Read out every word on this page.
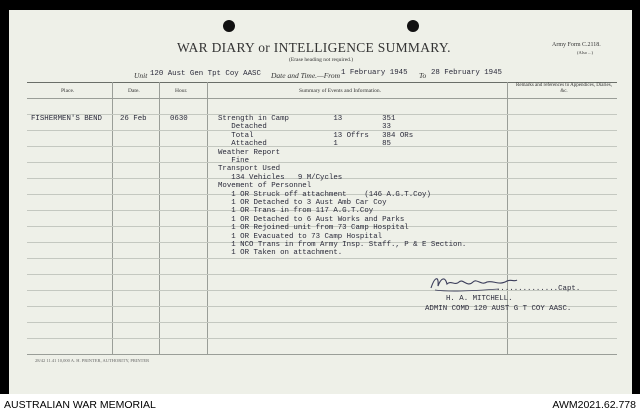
WAR DIARY or INTELLIGENCE SUMMARY.
(Erase heading not required.)
Army Form C.2118.
(Also ...)
Unit 120 Aust Gen Tpt Coy AASC Date and Time.—From 1 February 1945 To 28 February 1945
Place.	Date.	Hour.	Summary of Events and Information.
Remarks and references to Appendices, Diaries, &c.
FISHERMEN'S BEND 26 Feb	0630	Strength in Camp          13         351
Detached                          33
Total                  13 Offrs   384 ORs
Attached               1          85
Weather Report
Fine
Transport Used
134 Vehicles   9 M/Cycles
Movement of Personnel
1 OR Struck off attachment    (146 A.G.T.Coy)
1 OR Detached to 3 Aust Amb Car Coy
1 OR Trans in from 117 A.G.T.Coy
1 OR Detached to 6 Aust Works and Parks
1 OR Rejoined unit from 73 Camp Hospital
1 OR Evacuated to 73 Camp Hospital
1 NCO Trans in from Army Insp. Staff., P & E Section.
1 OR Taken on attachment.
..............Capt.
H. A. MITCHELL.
ADMIN COMD 120 AUST G T COY AASC.
28/42 11.41 10,000 A. H. PRINTER, AUTHORITY, PRINTER
AUSTRALIAN WAR MEMORIAL	AWM2021.62.778
